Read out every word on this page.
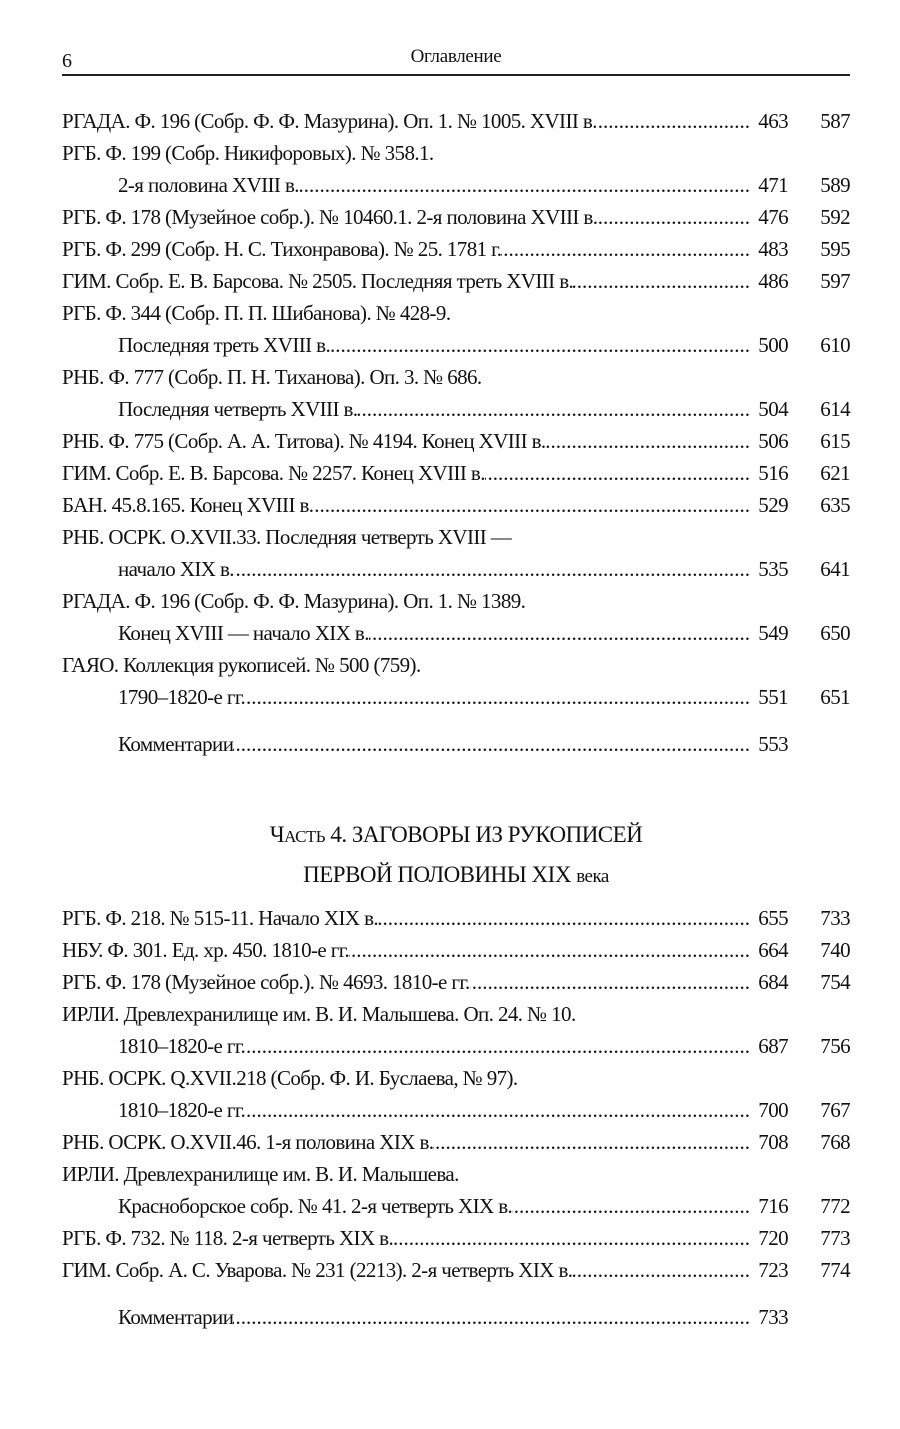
6	Оглавление
РГАДА. Ф. 196 (Собр. Ф. Ф. Мазурина). Оп. 1. № 1005. XVIII в. .....	463	587
РГБ. Ф. 199 (Собр. Никифоровых). № 358.1.
2-я половина XVIII в. .....	471	589
РГБ. Ф. 178 (Музейное собр.). № 10460.1. 2-я половина XVIII в. .....	476	592
РГБ. Ф. 299 (Собр. Н. С. Тихонравова). № 25. 1781 г. .....	483	595
ГИМ. Собр. Е. В. Барсова. № 2505. Последняя треть XVIII в. .....	486	597
РГБ. Ф. 344 (Собр. П. П. Шибанова). № 428-9.
Последняя треть XVIII в. .....	500	610
РНБ. Ф. 777 (Собр. П. Н. Тиханова). Оп. 3. № 686.
Последняя четверть XVIII в. .....	504	614
РНБ. Ф. 775 (Собр. А. А. Титова). № 4194. Конец XVIII в. .....	506	615
ГИМ. Собр. Е. В. Барсова. № 2257. Конец XVIII в. .....	516	621
БАН. 45.8.165. Конец XVIII в. .....	529	635
РНБ. ОСРК. O.XVII.33. Последняя четверть XVIII —
начало XIX в. .....	535	641
РГАДА. Ф. 196 (Собр. Ф. Ф. Мазурина). Оп. 1. № 1389.
Конец XVIII — начало XIX в. .....	549	650
ГАЯО. Коллекция рукописей. № 500 (759).
1790–1820-е гг. .....	551	651
Комментарии .....	553
ЧАСТЬ 4. ЗАГОВОРЫ ИЗ РУКОПИСЕЙ
ПЕРВОЙ ПОЛОВИНЫ XIX века
РГБ. Ф. 218. № 515-11. Начало XIX в. .....	655	733
НБУ. Ф. 301. Ед. хр. 450. 1810-е гг. .....	664	740
РГБ. Ф. 178 (Музейное собр.). № 4693. 1810-е гг. .....	684	754
ИРЛИ. Древлехранилище им. В. И. Малышева. Оп. 24. № 10.
1810–1820-е гг. .....	687	756
РНБ. ОСРК. Q.XVII.218 (Собр. Ф. И. Буслаева, № 97).
1810–1820-е гг. .....	700	767
РНБ. ОСРК. O.XVII.46. 1-я половина XIX в. .....	708	768
ИРЛИ. Древлехранилище им. В. И. Малышева.
Красноборское собр. № 41. 2-я четверть XIX в. .....	716	772
РГБ. Ф. 732. № 118. 2-я четверть XIX в. .....	720	773
ГИМ. Собр. А. С. Уварова. № 231 (2213). 2-я четверть XIX в. .....	723	774
Комментарии .....	733
